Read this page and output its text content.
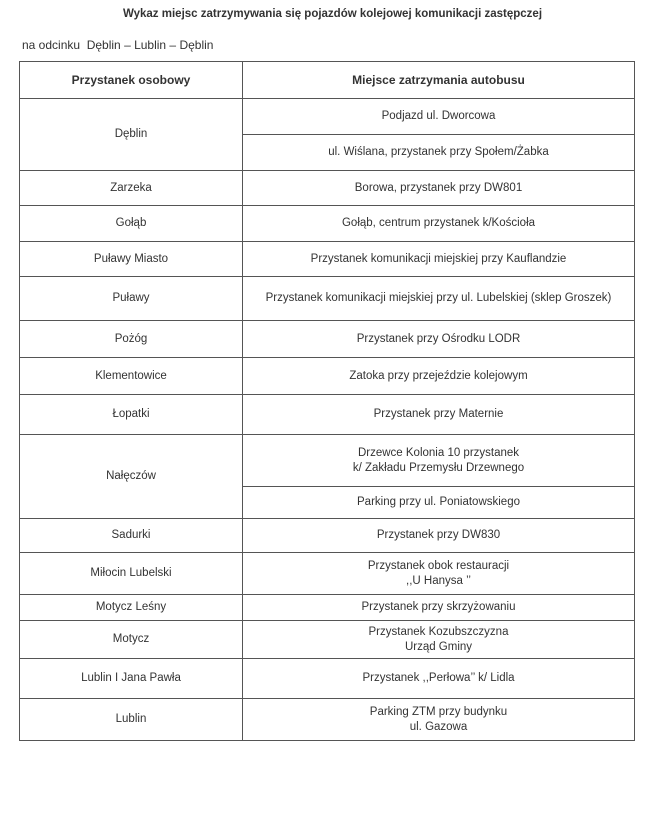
Wykaz miejsc zatrzymywania się pojazdów kolejowej komunikacji zastępczej
na odcinku  Dęblin – Lublin – Dęblin
Przystanek osobowy	Miejsce zatrzymania autobusu
Dęblin	Podjazd ul. Dworcowa
	ul. Wiślana, przystanek przy Społem/Żabka
Zarzeka	Borowa, przystanek przy DW801
Gołąb	Gołąb, centrum przystanek k/Kościoła
Puławy Miasto	Przystanek komunikacji miejskiej przy Kauflandzie
Puławy	Przystanek komunikacji miejskiej przy ul. Lubelskiej (sklep Groszek)
Pożóg	Przystanek przy Ośrodku LODR
Klementowice	Zatoka przy przejeździe kolejowym
Łopatki	Przystanek przy Maternie
Nałęczów	Drzewce Kolonia 10 przystanek
k/ Zakładu Przemysłu Drzewnego
	Parking przy ul. Poniatowskiego
Sadurki	Przystanek przy DW830
Miłocin Lubelski	Przystanek obok restauracji
,,U Hanysa ’’
Motycz Leśny	Przystanek przy skrzyżowaniu
Motycz	Przystanek Kozubszczyzna
Urząd Gminy
Lublin I Jana Pawła	Przystanek ,,Perłowa’’ k/ Lidla
Lublin	Parking ZTM przy budynku
ul. Gazowa
